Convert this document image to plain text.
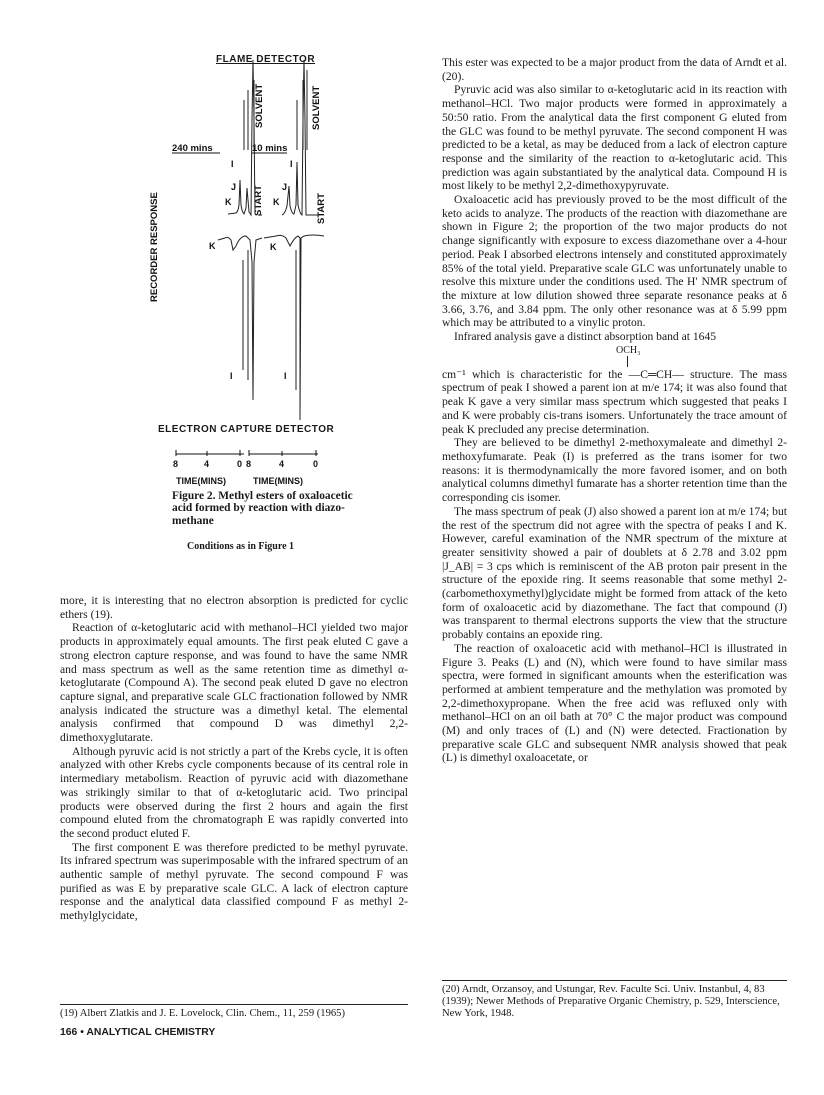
FLAME DETECTOR
RECORDER RESPONSE
240 mins	10 mins
SOLVENT	SOLVENT
START	START
I
J
K
I
J
K
K	K
I	I
8	4	0 8	4	0
TIME(MINS)	TIME(MINS)
ELECTRON CAPTURE DETECTOR
Figure 2. Methyl esters of oxaloacetic
acid formed by reaction with diazo-
methane
Conditions as in Figure 1

more, it is interesting that no electron absorption is predicted for cyclic ethers (19).

Reaction of α-ketoglutaric acid with methanol–HCl yielded two major products in approximately equal amounts. The first peak eluted C gave a strong electron capture response, and was found to have the same NMR and mass spectrum as well as the same retention time as dimethyl α-ketoglutarate (Compound A). The second peak eluted D gave no electron capture signal, and preparative scale GLC fractionation followed by NMR analysis indicated the structure was a dimethyl ketal. The elemental analysis confirmed that compound D was dimethyl 2,2-dimethoxyglutarate.

Although pyruvic acid is not strictly a part of the Krebs cycle, it is often analyzed with other Krebs cycle components because of its central role in intermediary metabolism. Reaction of pyruvic acid with diazomethane was strikingly similar to that of α-ketoglutaric acid. Two principal products were observed during the first 2 hours and again the first compound eluted from the chromatograph E was rapidly converted into the second product eluted F.

The first component E was therefore predicted to be methyl pyruvate. Its infrared spectrum was superimposable with the infrared spectrum of an authentic sample of methyl pyruvate. The second compound F was purified as was E by preparative scale GLC. A lack of electron capture response and the analytical data classified compound F as methyl 2-methylglycidate,

This ester was expected to be a major product from the data of Arndt et al. (20).

Pyruvic acid was also similar to α-ketoglutaric acid in its reaction with methanol–HCl. Two major products were formed in approximately a 50:50 ratio. From the analytical data the first component G eluted from the GLC was found to be methyl pyruvate. The second component H was predicted to be a ketal, as may be deduced from a lack of electron capture response and the similarity of the reaction to α-ketoglutaric acid. This prediction was again substantiated by the analytical data. Compound H is most likely to be methyl 2,2-dimethoxypyruvate.

Oxaloacetic acid has previously proved to be the most difficult of the keto acids to analyze. The products of the reaction with diazomethane are shown in Figure 2; the proportion of the two major products do not change significantly with exposure to excess diazomethane over a 4-hour period. Peak I absorbed electrons intensely and constituted approximately 85% of the total yield. Preparative scale GLC was unfortunately unable to resolve this mixture under the conditions used. The H′ NMR spectrum of the mixture at low dilution showed three separate resonance peaks at δ 3.66, 3.76, and 3.84 ppm. The only other resonance was at δ 5.99 ppm which may be attributed to a vinylic proton.

Infrared analysis gave a distinct absorption band at 1645

OCH₃

cm⁻¹ which is characteristic for the —C═CH— structure. The mass spectrum of peak I showed a parent ion at m/e 174; it was also found that peak K gave a very similar mass spectrum which suggested that peaks I and K were probably cis-trans isomers. Unfortunately the trace amount of peak K precluded any precise determination.

They are believed to be dimethyl 2-methoxymaleate and dimethyl 2-methoxyfumarate. Peak (I) is preferred as the trans isomer for two reasons: it is thermodynamically the more favored isomer, and on both analytical columns dimethyl fumarate has a shorter retention time than the corresponding cis isomer.

The mass spectrum of peak (J) also showed a parent ion at m/e 174; but the rest of the spectrum did not agree with the spectra of peaks I and K. However, careful examination of the NMR spectrum of the mixture at greater sensitivity showed a pair of doublets at δ 2.78 and 3.02 ppm |J_AB| = 3 cps which is reminiscent of the AB proton pair present in the structure of the epoxide ring. It seems reasonable that some methyl 2-(carbomethoxymethyl)glycidate might be formed from attack of the keto form of oxaloacetic acid by diazomethane. The fact that compound (J) was transparent to thermal electrons supports the view that the structure probably contains an epoxide ring.

The reaction of oxaloacetic acid with methanol–HCl is illustrated in Figure 3. Peaks (L) and (N), which were found to have similar mass spectra, were formed in significant amounts when the esterification was performed at ambient temperature and the methylation was promoted by 2,2-dimethoxypropane. When the free acid was refluxed only with methanol–HCl on an oil bath at 70° C the major product was compound (M) and only traces of (L) and (N) were detected. Fractionation by preparative scale GLC and subsequent NMR analysis showed that peak (L) is dimethyl oxaloacetate, or

(19) Albert Zlatkis and J. E. Lovelock, Clin. Chem., 11, 259 (1965)
(20) Arndt, Orzansoy, and Ustungar, Rev. Faculte Sci. Univ. Instanbul, 4, 83 (1939); Newer Methods of Preparative Organic Chemistry, p. 529, Interscience, New York, 1948.
166 • ANALYTICAL CHEMISTRY
